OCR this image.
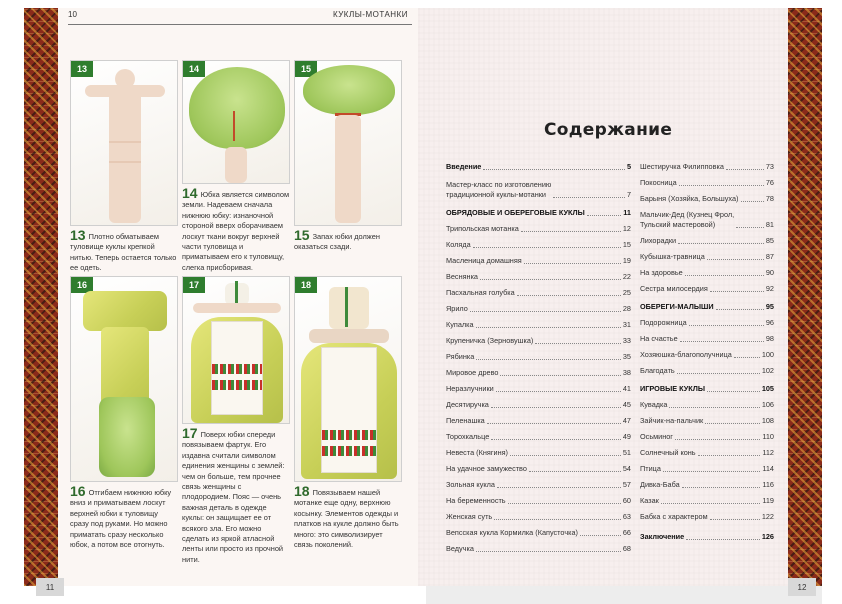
10	КУКЛЫ-МОТАНКИ
13

13 Плотно обматываем туловище куклы крепкой нитью. Теперь остается только ее одеть.

14

14 Юбка является символом земли. Надеваем сначала нижнюю юбку: изнаночной стороной вверх оборачиваем лоскут ткани вокруг верхней части туловища и приматываем его к туловищу, слегка присборивая.

15

15 Запах юбки должен оказаться сзади.

16

16 Отгибаем нижнюю юбку вниз и приматываем лоскут верхней юбки к туловищу сразу под руками. Но можно приматать сразу несколько юбок, а потом все отогнуть.

17

17 Поверх юбки спереди повязываем фартук. Его издавна считали символом единения женщины с землей: чем он больше, тем прочнее связь женщины с плодородием. Пояс — очень важная деталь в одежде куклы: он защищает ее от всякого зла. Его можно сделать из яркой атласной ленты или просто из прочной нити.

18

18 Повязываем нашей мотанке еще одну, верхнюю косынку. Элементов одежды и платков на кукле должно быть много: это символизирует связь поколений.

Содержание
Введение	5
Мастер-класс по изготовлению
традиционной куклы-мотанки	7
ОБРЯДОВЫЕ И ОБЕРЕГОВЫЕ КУКЛЫ	11
Трипольская мотанка	12
Коляда	15
Масленица домашняя	19
Веснянка	22
Пасхальная голубка	25
Ярило	28
Купалка	31
Крупеничка (Зерновушка)	33
Рябинка	35
Мировое древо	38
Неразлучники	41
Десятиручка	45
Пеленашка	47
Торохкальце	49
Невеста (Княгиня)	51
На удачное замужество	54
Зольная кукла	57
На беременность	60
Женская суть	63
Вепсская кукла Кормилка (Капусточка)	66
Ведучка	68
Шестиручка Филипповка	73
Покосница	76
Барыня (Хозяйка, Большуха)	78
Мальчик-Дед (Кузнец Фрол,
Тульский мастеровой)	81
Лихорадки	85
Кубышка-травница	87
На здоровье	90
Сестра милосердия	92
ОБЕРЕГИ-МАЛЫШИ	95
Подорожница	96
На счастье	98
Хозяюшка-благополучница	100
Благодать	102
ИГРОВЫЕ КУКЛЫ	105
Кувадка	106
Зайчик-на-пальчик	108
Осьминог	110
Солнечный конь	112
Птица	114
Дивка-Баба	116
Казак	119
Бабка с характером	122
Заключение	126
11	12
